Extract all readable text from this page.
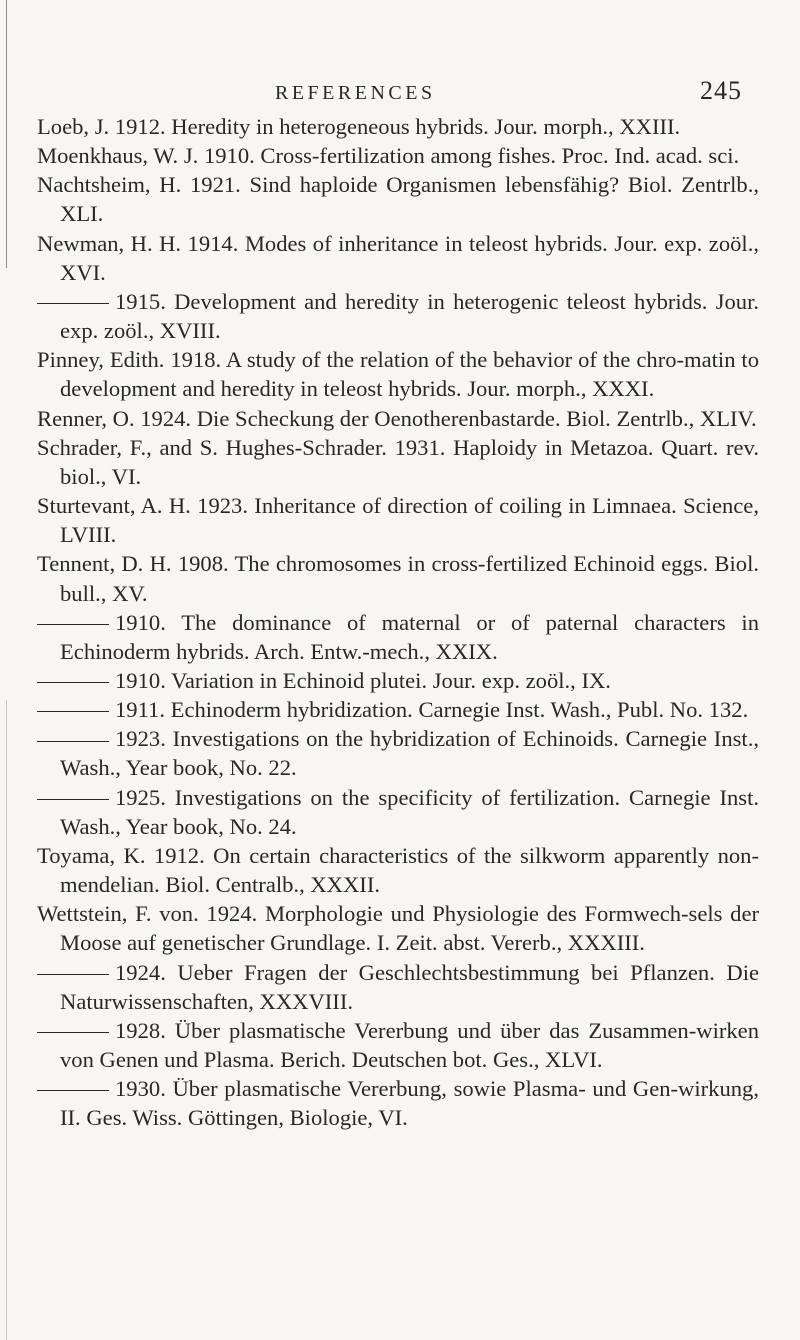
REFERENCES	245
Loeb, J. 1912. Heredity in heterogeneous hybrids. Jour. morph., XXIII.
Moenkhaus, W. J. 1910. Cross-fertilization among fishes. Proc. Ind. acad. sci.
Nachtsheim, H. 1921. Sind haploide Organismen lebensfähig? Biol. Zentrlb., XLI.
Newman, H. H. 1914. Modes of inheritance in teleost hybrids. Jour. exp. zoöl., XVI.
1915. Development and heredity in heterogenic teleost hybrids. Jour. exp. zoöl., XVIII.
Pinney, Edith. 1918. A study of the relation of the behavior of the chro-matin to development and heredity in teleost hybrids. Jour. morph., XXXI.
Renner, O. 1924. Die Scheckung der Oenotherenbastarde. Biol. Zentrlb., XLIV.
Schrader, F., and S. Hughes-Schrader. 1931. Haploidy in Metazoa. Quart. rev. biol., VI.
Sturtevant, A. H. 1923. Inheritance of direction of coiling in Limnaea. Science, LVIII.
Tennent, D. H. 1908. The chromosomes in cross-fertilized Echinoid eggs. Biol. bull., XV.
1910. The dominance of maternal or of paternal characters in Echinoderm hybrids. Arch. Entw.-mech., XXIX.
1910. Variation in Echinoid plutei. Jour. exp. zoöl., IX.
1911. Echinoderm hybridization. Carnegie Inst. Wash., Publ. No. 132.
1923. Investigations on the hybridization of Echinoids. Carnegie Inst., Wash., Year book, No. 22.
1925. Investigations on the specificity of fertilization. Carnegie Inst. Wash., Year book, No. 24.
Toyama, K. 1912. On certain characteristics of the silkworm apparently non-mendelian. Biol. Centralb., XXXII.
Wettstein, F. von. 1924. Morphologie und Physiologie des Formwech-sels der Moose auf genetischer Grundlage. I. Zeit. abst. Vererb., XXXIII.
1924. Ueber Fragen der Geschlechtsbestimmung bei Pflanzen. Die Naturwissenschaften, XXXVIII.
1928. Über plasmatische Vererbung und über das Zusammen-wirken von Genen und Plasma. Berich. Deutschen bot. Ges., XLVI.
1930. Über plasmatische Vererbung, sowie Plasma- und Gen-wirkung, II. Ges. Wiss. Göttingen, Biologie, VI.
